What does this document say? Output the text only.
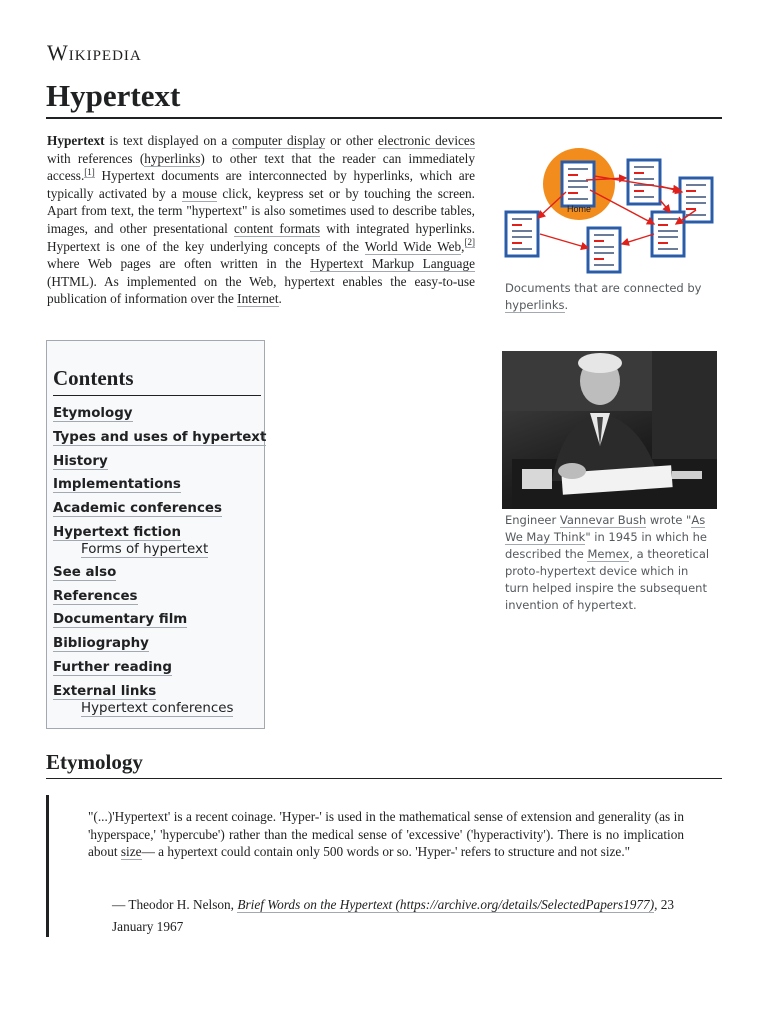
Wikipedia
Hypertext

Hypertext is text displayed on a computer display or other electronic devices with references (hyperlinks) to other text that the reader can immediately access.[1] Hypertext documents are interconnected by hyperlinks, which are typically activated by a mouse click, keypress set or by touching the screen. Apart from text, the term "hypertext" is also sometimes used to describe tables, images, and other presentational content formats with integrated hyperlinks. Hypertext is one of the key underlying concepts of the World Wide Web,[2] where Web pages are often written in the Hypertext Markup Language (HTML). As implemented on the Web, hypertext enables the easy-to-use publication of information over the Internet.

Home
Documents that are connected by hyperlinks.
Engineer Vannevar Bush wrote "As We May Think" in 1945 in which he described the Memex, a theoretical proto-hypertext device which in turn helped inspire the subsequent invention of hypertext.
Contents
Etymology
Types and uses of hypertext
History
Implementations
Academic conferences
Hypertext fiction
Forms of hypertext
See also
References
Documentary film
Bibliography
Further reading
External links
Hypertext conferences
Etymology

"(...)'Hypertext' is a recent coinage. 'Hyper-' is used in the mathematical sense of extension and generality (as in 'hyperspace,' 'hypercube') rather than the medical sense of 'excessive' ('hyperactivity'). There is no implication about size— a hypertext could contain only 500 words or so. 'Hyper-' refers to structure and not size."

— Theodor H. Nelson, Brief Words on the Hypertext (https://archive.org/details/SelectedPapers1977), 23 January 1967
